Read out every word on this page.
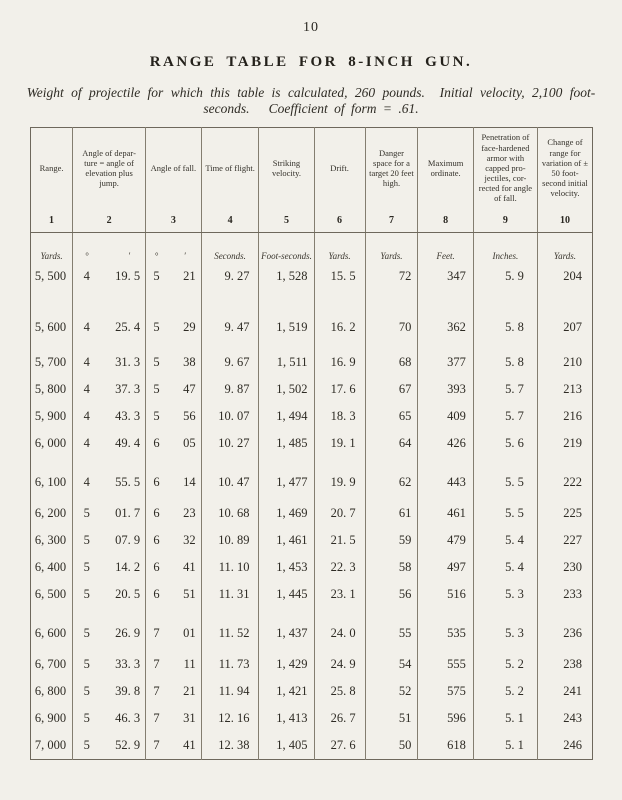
10
RANGE TABLE FOR 8-INCH GUN.
Weight of projectile for which this table is calculated, 260 pounds.  Initial velocity, 2,100 foot-
seconds.   Coefficient of form = .61.
Range.	Angle of depar-ture = angle of elevation plus jump.	Angle of fall.	Time of flight.	Striking velocity.	Drift.	Danger space for a target 20 feet high.	Maximum ordinate.	Penetration of face-hardened armor with capped pro-jectiles, cor-rected for angle of fall.	Change of range for variation of ± 50 foot-second initial velocity.

1	2	3	4	5	6	7	8	9	10
Yards.	° ′	° ′	Seconds.	Foot-seconds.	Yards.	Yards.	Feet.	Inches.	Yards.
5, 500	4 19. 5	5 21	9. 27	1, 528	15. 5	72	347	5. 9	204
5, 600	4 25. 4	5 29	9. 47	1, 519	16. 2	70	362	5. 8	207
5, 700	4 31. 3	5 38	9. 67	1, 511	16. 9	68	377	5. 8	210
5, 800	4 37. 3	5 47	9. 87	1, 502	17. 6	67	393	5. 7	213
5, 900	4 43. 3	5 56	10. 07	1, 494	18. 3	65	409	5. 7	216
6, 000	4 49. 4	6 05	10. 27	1, 485	19. 1	64	426	5. 6	219
6, 100	4 55. 5	6 14	10. 47	1, 477	19. 9	62	443	5. 5	222
6, 200	5 01. 7	6 23	10. 68	1, 469	20. 7	61	461	5. 5	225
6, 300	5 07. 9	6 32	10. 89	1, 461	21. 5	59	479	5. 4	227
6, 400	5 14. 2	6 41	11. 10	1, 453	22. 3	58	497	5. 4	230
6, 500	5 20. 5	6 51	11. 31	1, 445	23. 1	56	516	5. 3	233
6, 600	5 26. 9	7 01	11. 52	1, 437	24. 0	55	535	5. 3	236
6, 700	5 33. 3	7 11	11. 73	1, 429	24. 9	54	555	5. 2	238
6, 800	5 39. 8	7 21	11. 94	1, 421	25. 8	52	575	5. 2	241
6, 900	5 46. 3	7 31	12. 16	1, 413	26. 7	51	596	5. 1	243
7, 000	5 52. 9	7 41	12. 38	1, 405	27. 6	50	618	5. 1	246
